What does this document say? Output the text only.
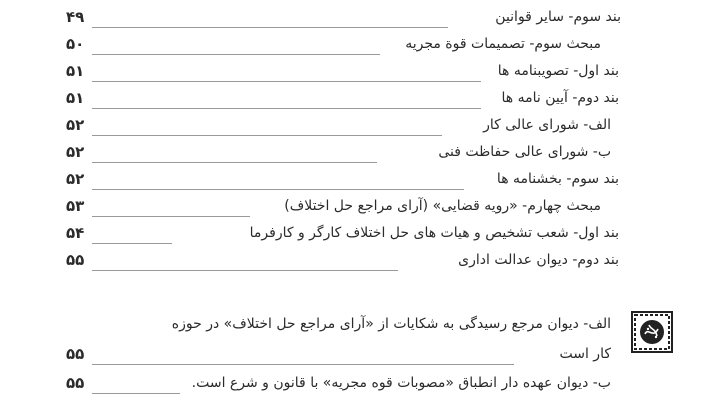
بند سوم- سایر قوانین
۴۹
مبحث سوم- تصمیمات قوة مجریه
۵۰
بند اول- تصویبنامه ها
۵۱
بند دوم- آیین نامه ها
۵۱
الف- شورای عالی کار
۵۲
ب- شورای عالی حفاظت فنی
۵۲
بند سوم- بخشنامه ها
۵۲
مبحث چهارم- «رویه قضایی» (آرای مراجع حل اختلاف)
۵۳
بند اول- شعب تشخیص و هیات های حل اختلاف کارگر و کارفرما
۵۴
بند دوم- دیوان عدالت اداری
۵۵
الف- دیوان مرجع رسیدگی به شکایات از «آرای مراجع حل اختلاف» در حوزه
کار است
۵۵
ب- دیوان عهده دار انطباق «مصوبات قوه مجریه» با قانون و شرع است.
۵۵
